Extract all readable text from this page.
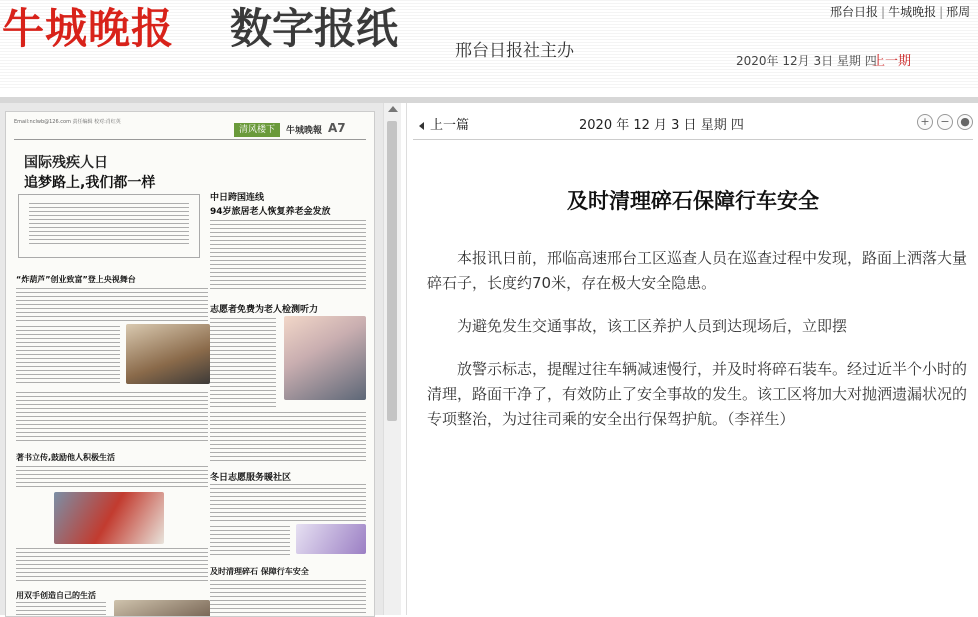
牛城晚报 数字报纸	邢台日报社主办
邢台日报 | 牛城晚报 | 邢周
2020年 12月 3日 星期 四
上一期
Email:nclwb@126.com 责任编辑 校对:肖红英
清风楼下	牛城晚報 A7
国际残疾人日
追梦路上,我们都一样
“炸葫芦”创业致富”登上央视舞台
著书立传,鼓励他人积极生活
用双手创造自己的生活
中日跨国连线
94岁旅居老人恢复养老金发放
志愿者免费为老人检测听力
冬日志愿服务暖社区
及时清理碎石 保障行车安全
上一篇	2020 年 12 月 3 日 星期 四	+ − ●
及时清理碎石保障行车安全

本报讯日前，邢临高速邢台工区巡查人员在巡查过程中发现，路面上洒落大量碎石子，长度约70米，存在极大安全隐患。

为避免发生交通事故，该工区养护人员到达现场后，立即摆

放警示标志，提醒过往车辆减速慢行，并及时将碎石装车。经过近半个小时的清理，路面干净了，有效防止了安全事故的发生。该工区将加大对抛洒遗漏状况的专项整治，为过往司乘的安全出行保驾护航。（李祥生）
